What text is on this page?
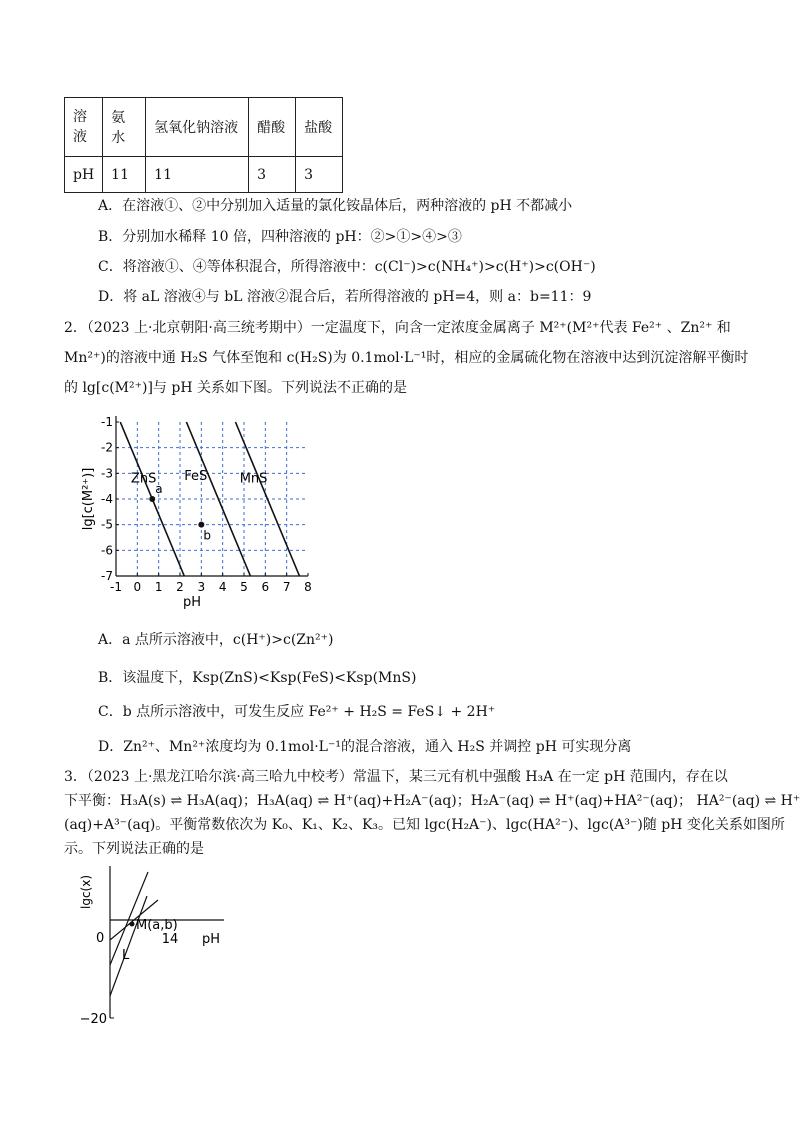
溶液	氨水	氢氧化钠溶液	醋酸	盐酸
pH	11	11	3	3
A．在溶液①、②中分别加入适量的氯化铵晶体后，两种溶液的 pH 不都减小
B．分别加水稀释 10 倍，四种溶液的 pH：②>①>④>③
C．将溶液①、④等体积混合，所得溶液中：c(Cl⁻)>c(NH₄⁺)>c(H⁺)>c(OH⁻)
D．将 aL 溶液④与 bL 溶液②混合后，若所得溶液的 pH=4，则 a：b=11：9
2．（2023 上·北京朝阳·高三统考期中）一定温度下，向含一定浓度金属离子 M²⁺(M²⁺代表 Fe²⁺ 、Zn²⁺ 和
Mn²⁺)的溶液中通 H₂S 气体至饱和 c(H₂S)为 0.1mol·L⁻¹时，相应的金属硫化物在溶液中达到沉淀溶解平衡时
的 lg[c(M²⁺)]与 pH 关系如下图。下列说法不正确的是
-1 0 1 2 3 4 5 6 7 8
-1
-2
-3
-4
-5
-6
-7
pH
lg[c(M²⁺)]	ZnS FeS MnS
a
b
A．a 点所示溶液中，c(H⁺)>c(Zn²⁺)
B．该温度下，Ksp(ZnS)<Ksp(FeS)<Ksp(MnS)
C．b 点所示溶液中，可发生反应 Fe²⁺ + H₂S = FeS↓ + 2H⁺
D．Zn²⁺、Mn²⁺浓度均为 0.1mol·L⁻¹的混合溶液，通入 H₂S 并调控 pH 可实现分离
3．（2023 上·黑龙江哈尔滨·高三哈九中校考）常温下，某三元有机中强酸 H₃A 在一定 pH 范围内，存在以
下平衡：H₃A(s) ⇌ H₃A(aq)；H₃A(aq) ⇌ H⁺(aq)+H₂A⁻(aq)；H₂A⁻(aq) ⇌ H⁺(aq)+HA²⁻(aq)； HA²⁻(aq) ⇌ H⁺
(aq)+A³⁻(aq)。平衡常数依次为 K₀、K₁、K₂、K₃。已知 lgc(H₂A⁻)、lgc(HA²⁻)、lgc(A³⁻)随 pH 变化关系如图所
示。下列说法正确的是
lgc(x)
0	14 pH
−20
M(a,b)
L
